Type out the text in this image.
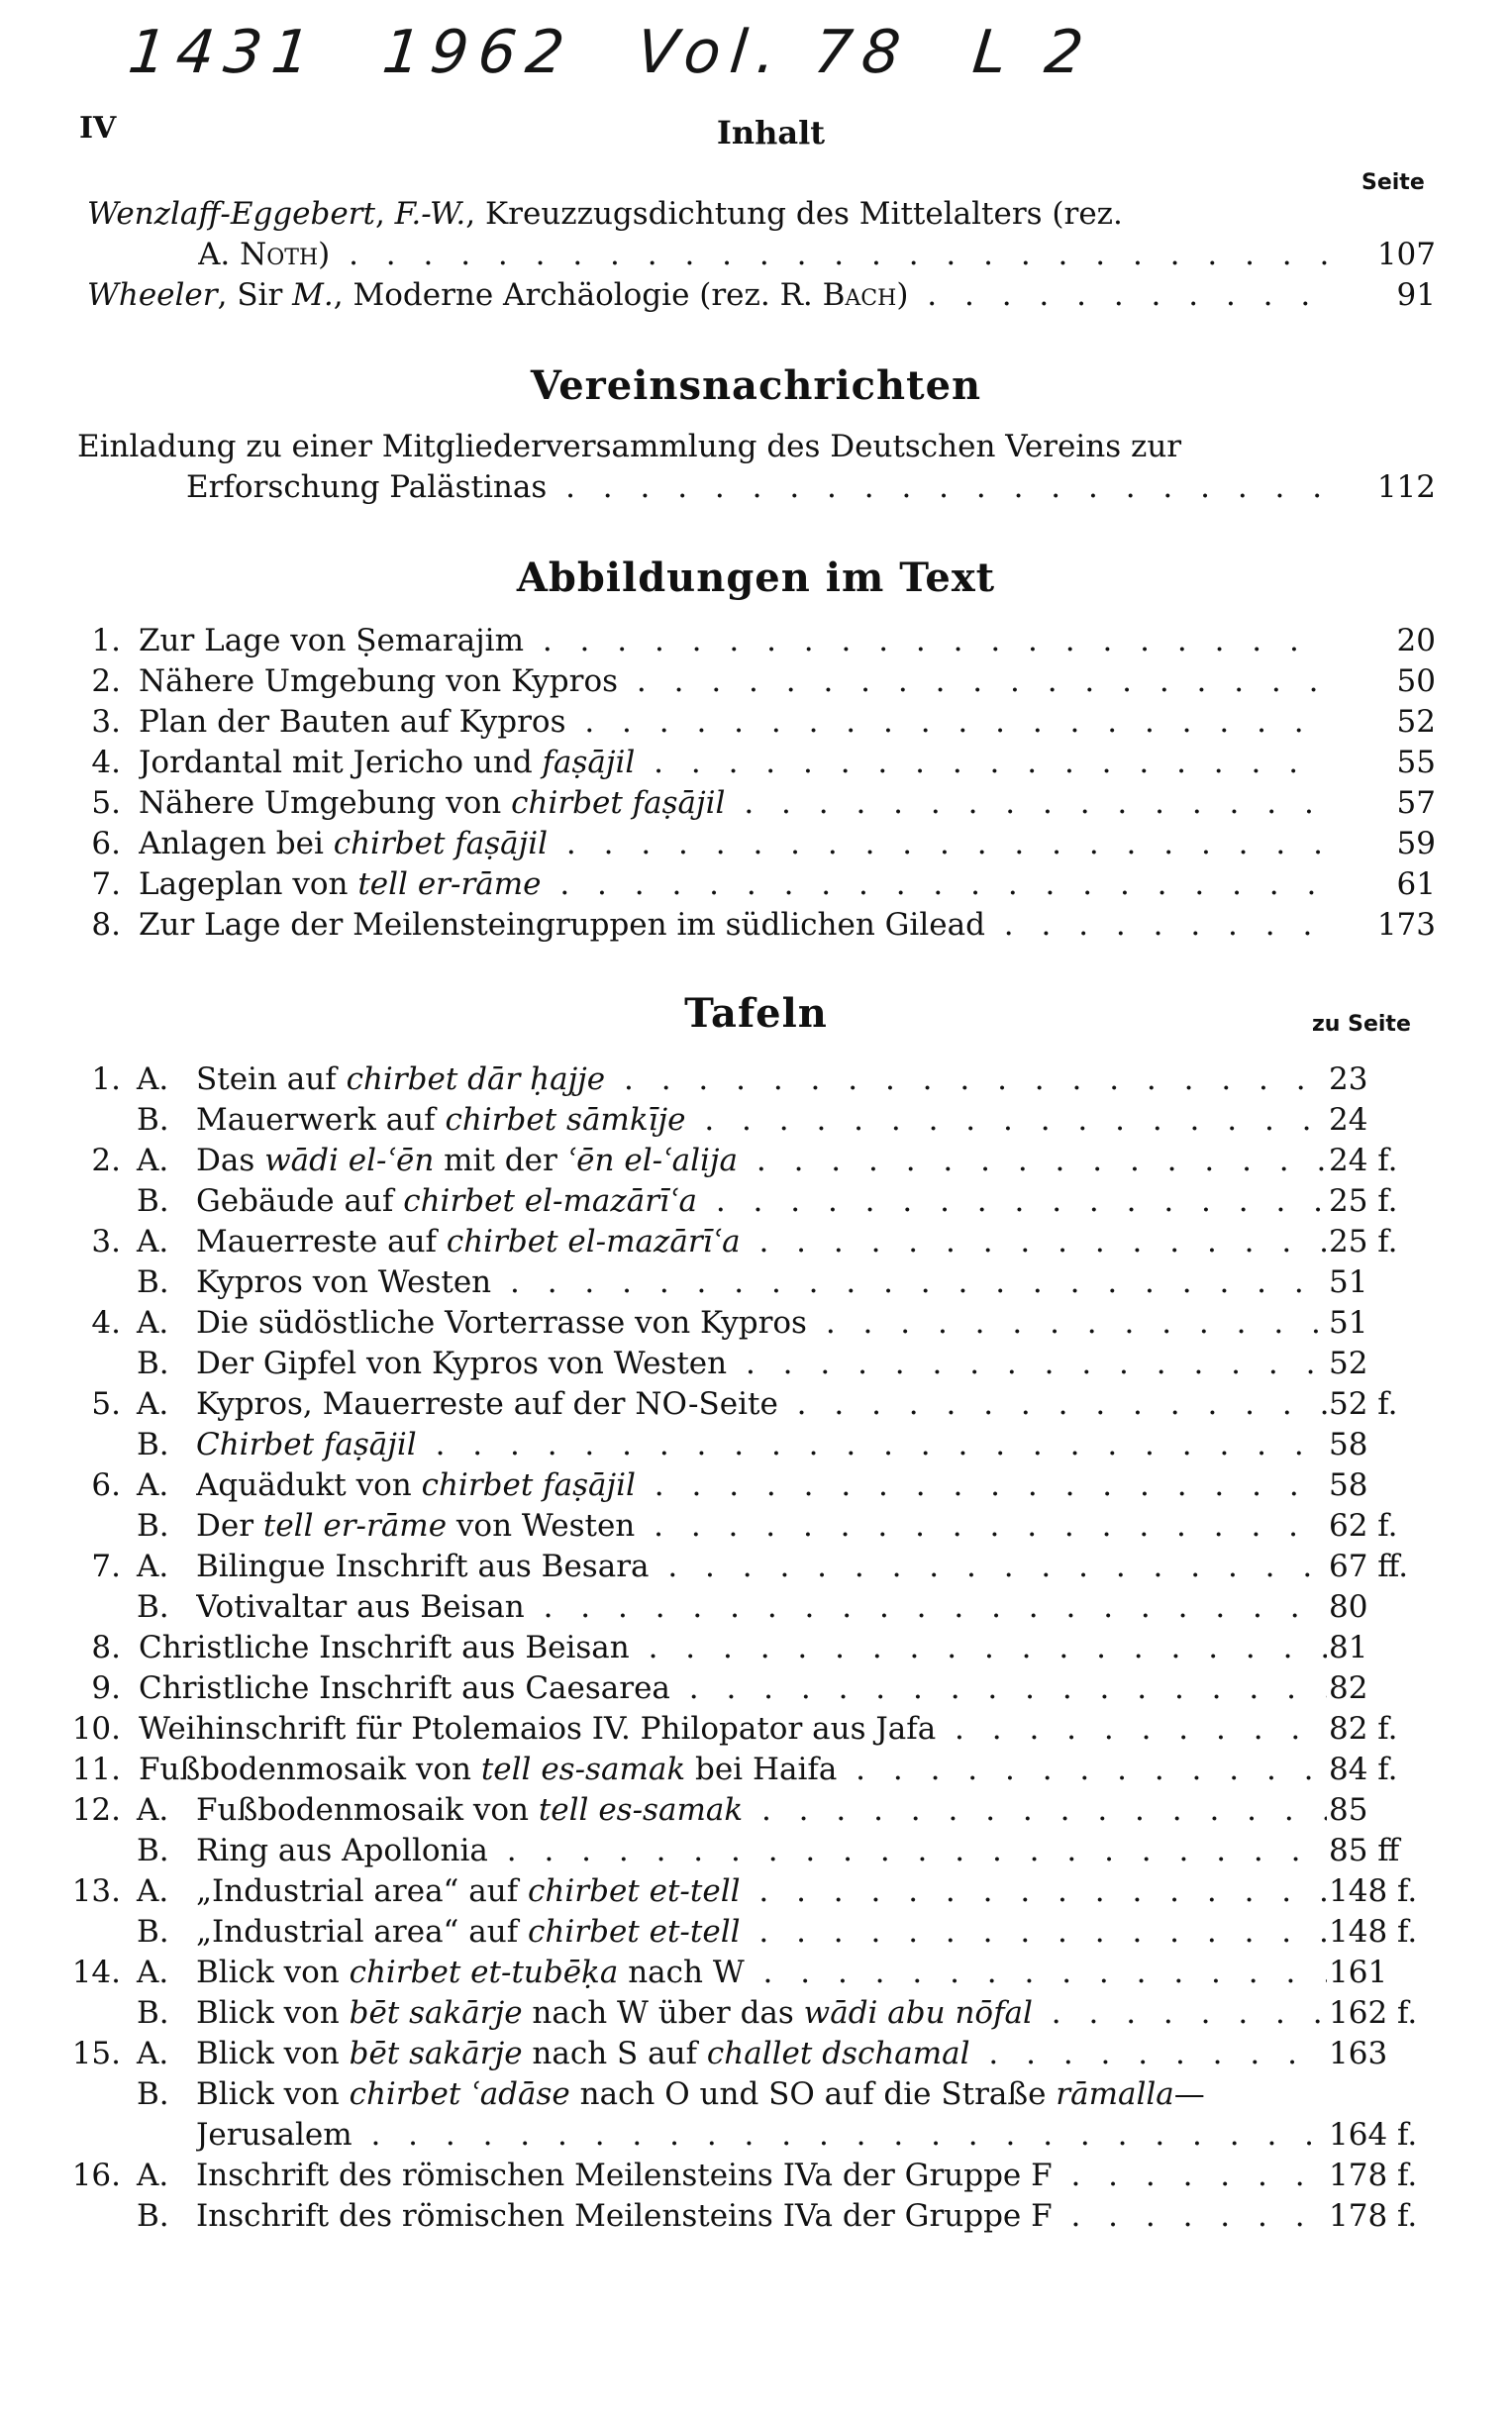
1431 1962 Vol. 78 L 2
IV	Inhalt
Seite
Wenzlaff-Eggebert, F.-W., Kreuzzugsdichtung des Mittelalters (rez.
A. Noth) . . .	107
Wheeler, Sir M., Moderne Archäologie (rez. R. Bach) . . .	91
Vereinsnachrichten
Einladung zu einer Mitgliederversammlung des Deutschen Vereins zur
Erforschung Palästinas . . .	112
Abbildungen im Text
1. Zur Lage von Ṣemarajim . . .	20
2. Nähere Umgebung von Kypros . . .	50
3. Plan der Bauten auf Kypros . . .	52
4. Jordantal mit Jericho und faṣājil . . .	55
5. Nähere Umgebung von chirbet faṣājil . . .	57
6. Anlagen bei chirbet faṣājil . . .	59
7. Lageplan von tell er-rāme . . .	61
8. Zur Lage der Meilensteingruppen im südlichen Gilead . . .	173
Tafeln	zu Seite
1. A. Stein auf chirbet dār ḥajje . . .	23
B. Mauerwerk auf chirbet sāmkīje . . .	24
2. A. Das wādi el-ʿēn mit der ʿēn el-ʿalija . . .	24 f.
B. Gebäude auf chirbet el-mazārīʿa . . .	25 f.
3. A. Mauerreste auf chirbet el-mazārīʿa . . .	25 f.
B. Kypros von Westen . . .	51
4. A. Die südöstliche Vorterrasse von Kypros . . .	51
B. Der Gipfel von Kypros von Westen . . .	52
5. A. Kypros, Mauerreste auf der NO-Seite . . .	52 f.
B. Chirbet faṣājil . . .	58
6. A. Aquädukt von chirbet faṣājil . . .	58
B. Der tell er-rāme von Westen . . .	62 f.
7. A. Bilingue Inschrift aus Besara . . .	67 ff.
B. Votivaltar aus Beisan . . .	80
8. Christliche Inschrift aus Beisan . . .	81
9. Christliche Inschrift aus Caesarea . . .	82
10. Weihinschrift für Ptolemaios IV. Philopator aus Jafa . . .	82 f.
11. Fußbodenmosaik von tell es-samak bei Haifa . . .	84 f.
12. A. Fußbodenmosaik von tell es-samak . . .	85
B. Ring aus Apollonia . . .	85 ff
13. A. „Industrial area“ auf chirbet et-tell . . .	148 f.
B. „Industrial area“ auf chirbet et-tell . . .	148 f.
14. A. Blick von chirbet et-tubēḳa nach W . . .	161
B. Blick von bēt sakārje nach W über das wādi abu nōfal . . .	162 f.
15. A. Blick von bēt sakārje nach S auf challet dschamal . . .	163
B. Blick von chirbet ʿadāse nach O und SO auf die Straße rāmalla—
Jerusalem . . .	164 f.
16. A. Inschrift des römischen Meilensteins IVa der Gruppe F . . .	178 f.
B. Inschrift des römischen Meilensteins IVa der Gruppe F . . .	178 f.
